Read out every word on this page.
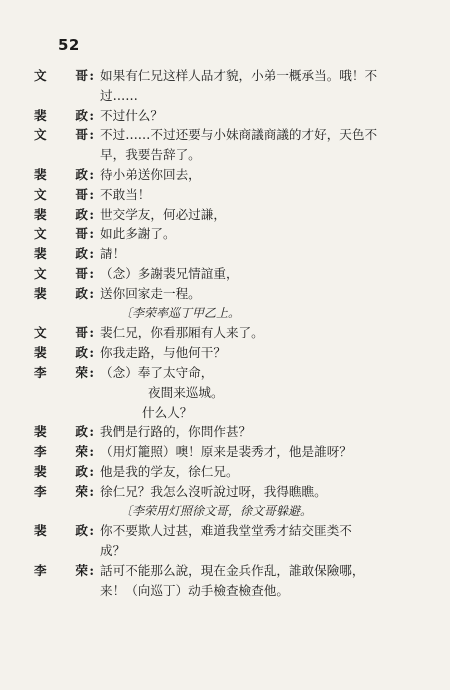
52
文 哥 : 如果有仁兄这样人品才貌，小弟一概承当。哦！不
过……
裴 政 : 不过什么？
文 哥 : 不过……不过还要与小妹商議商議的才好，天色不
早，我要告辞了。
裴 政 : 待小弟送你回去，
文 哥 : 不敢当！
裴 政 : 世交学友，何必过謙，
文 哥 : 如此多謝了。
裴 政 : 請！
文 哥 : （念）多謝裴兄情誼重，
裴 政 : 送你回家走一程。
〔李荣率巡丁甲乙上。
文 哥 : 裴仁兄，你看那厢有人来了。
裴 政 : 你我走路，与他何干？
李 荣 : （念）奉了太守命，
夜間来巡城。
什么人？
裴 政 : 我們是行路的，你問作甚？
李 荣 : （用灯籠照）噢！原来是裴秀才，他是誰呀？
裴 政 : 他是我的学友，徐仁兄。
李 荣 : 徐仁兄？我怎么沒听說过呀，我得瞧瞧。
〔李荣用灯照徐文哥，徐文哥躲避。
裴 政 : 你不要欺人过甚，难道我堂堂秀才結交匪类不
成？
李 荣 : 話可不能那么說，現在金兵作乱，誰敢保險哪，
来！（向巡丁）动手檢查檢查他。
